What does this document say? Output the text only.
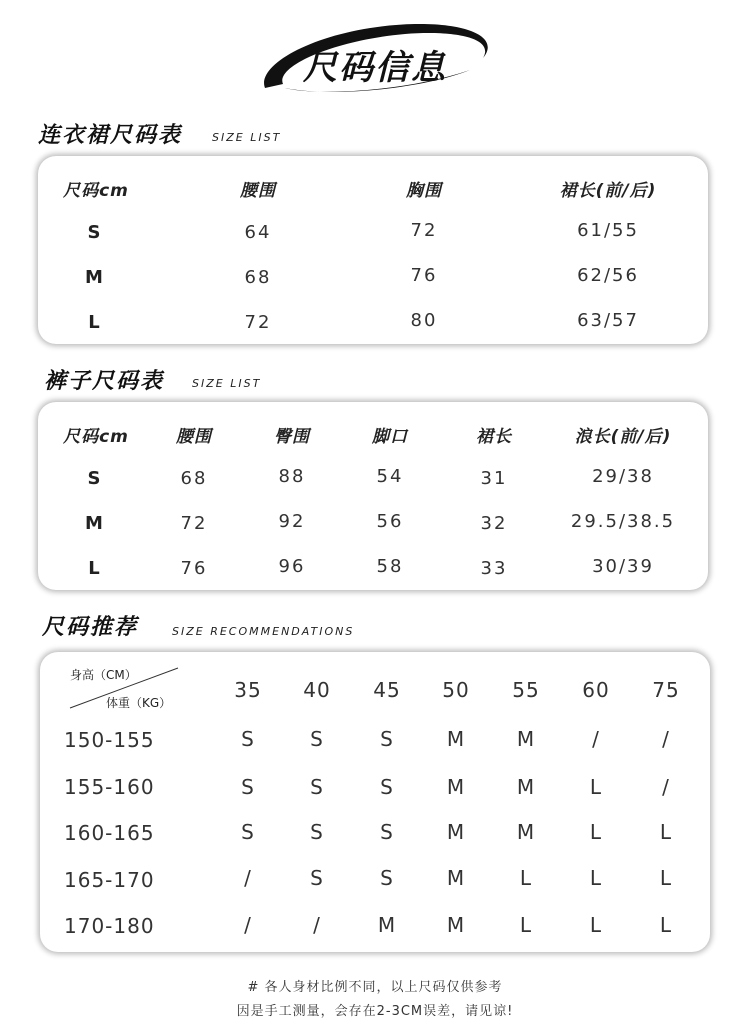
尺码信息
连衣裙尺码表	SIZE LIST
尺码cm	腰围	胸围	裙长(前/后)
S	64	72	61/55
M	68	76	62/56
L	72	80	63/57
裤子尺码表	SIZE LIST
尺码cm	腰围	臀围	脚口	裙长	浪长(前/后)
S	68	88	54	31	29/38
M	72	92	56	32	29.5/38.5
L	76	96	58	33	30/39
尺码推荐	SIZE RECOMMENDATIONS
身高（CM）
体重（KG）
35	40	45	50	55	60	75
150-155	S	S	S	M	M	/	/
155-160	S	S	S	M	M	L	/
160-165	S	S	S	M	M	L	L
165-170	/	S	S	M	L	L	L
170-180	/	/	M	M	L	L	L
# 各人身材比例不同，以上尺码仅供参考
因是手工测量，会存在2-3CM误差，请见谅!
